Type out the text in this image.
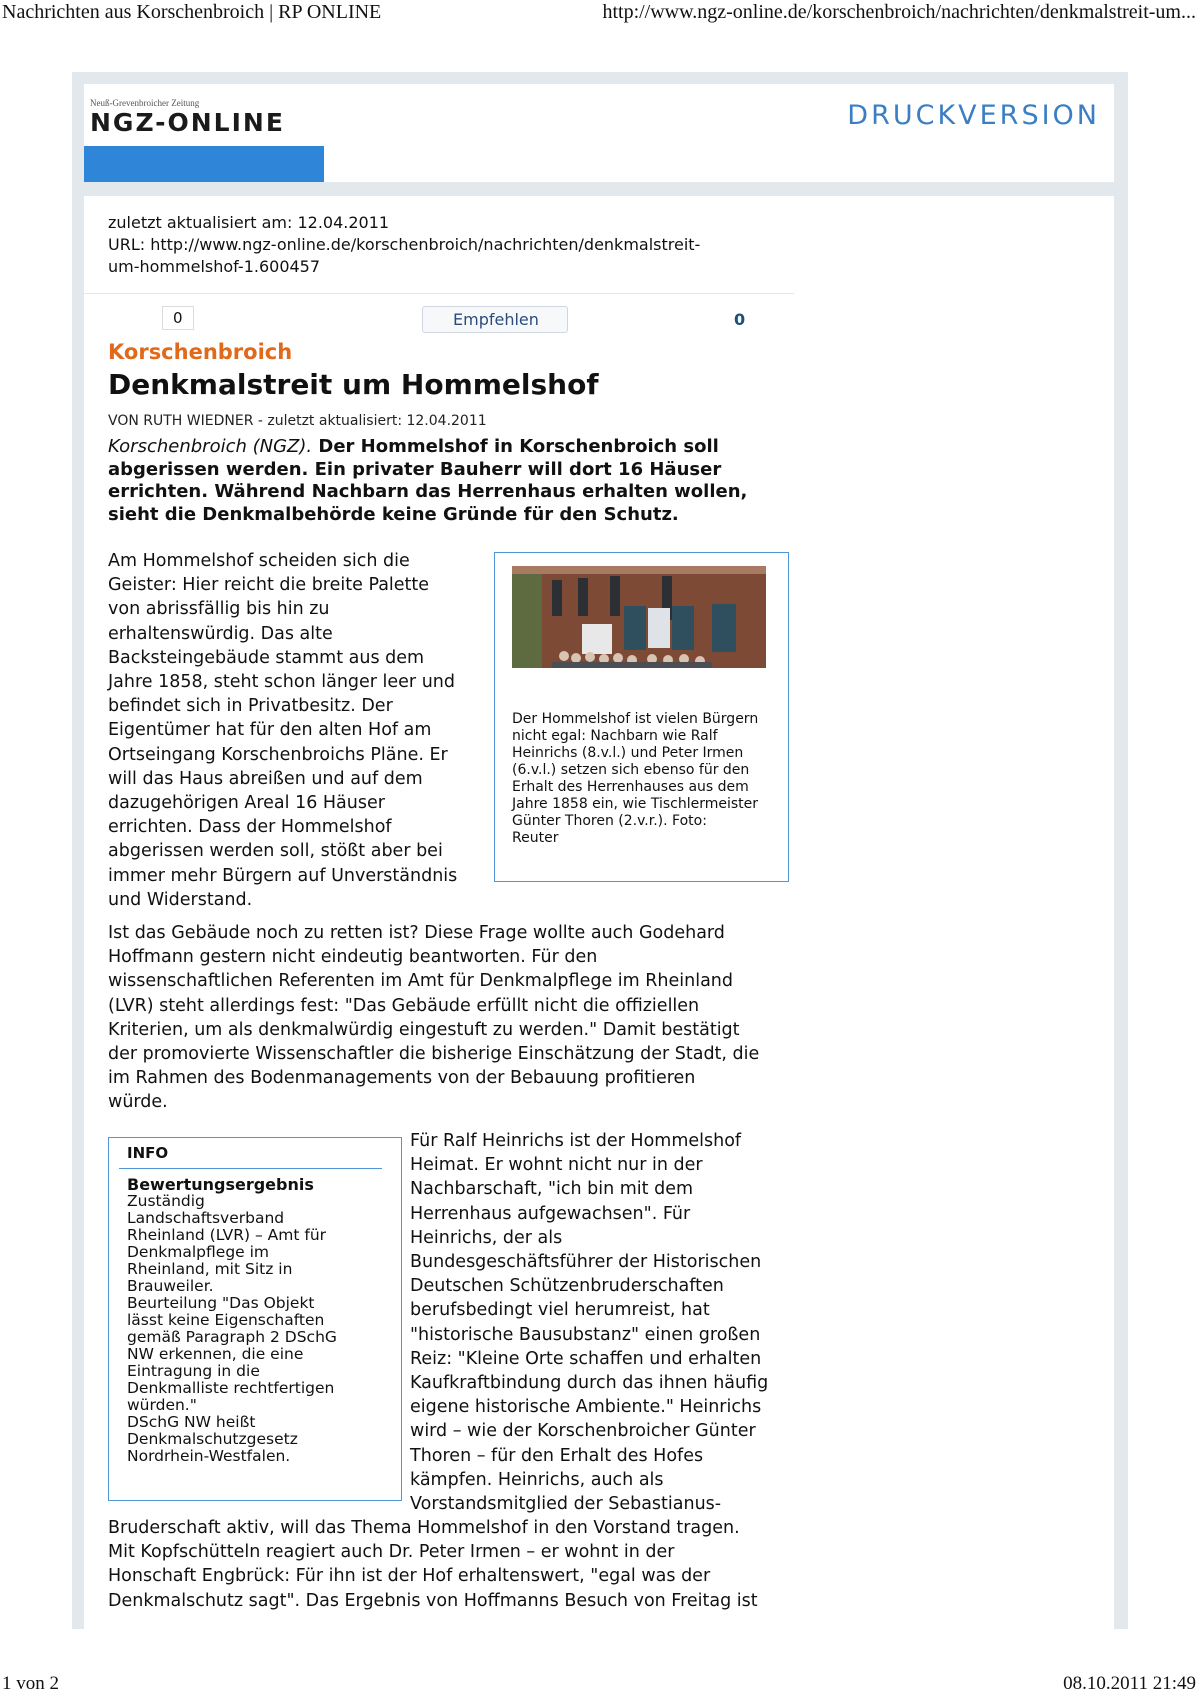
Nachrichten aus Korschenbroich | RP ONLINE	http://www.ngz-online.de/korschenbroich/nachrichten/denkmalstreit-um...
Neuß-Grevenbroicher Zeitung
NGZ-ONLINE	DRUCKVERSION
zuletzt aktualisiert am: 12.04.2011
URL: http://www.ngz-online.de/korschenbroich/nachrichten/denkmalstreit-
um-hommelshof-1.600457
0	Empfehlen	0
Korschenbroich
Denkmalstreit um Hommelshof
VON RUTH WIEDNER - zuletzt aktualisiert: 12.04.2011
Korschenbroich (NGZ). Der Hommelshof in Korschenbroich soll
abgerissen werden. Ein privater Bauherr will dort 16 Häuser
errichten. Während Nachbarn das Herrenhaus erhalten wollen,
sieht die Denkmalbehörde keine Gründe für den Schutz.
Am Hommelshof scheiden sich die
Geister: Hier reicht die breite Palette
von abrissfällig bis hin zu
erhaltenswürdig. Das alte
Backsteingebäude stammt aus dem
Jahre 1858, steht schon länger leer und
befindet sich in Privatbesitz. Der
Eigentümer hat für den alten Hof am
Ortseingang Korschenbroichs Pläne. Er
will das Haus abreißen und auf dem
dazugehörigen Areal 16 Häuser
errichten. Dass der Hommelshof
abgerissen werden soll, stößt aber bei
immer mehr Bürgern auf Unverständnis
und Widerstand.
Der Hommelshof ist vielen Bürgern
nicht egal: Nachbarn wie Ralf
Heinrichs (8.v.l.) und Peter Irmen
(6.v.l.) setzen sich ebenso für den
Erhalt des Herrenhauses aus dem
Jahre 1858 ein, wie Tischlermeister
Günter Thoren (2.v.r.). Foto:
Reuter
Ist das Gebäude noch zu retten ist? Diese Frage wollte auch Godehard
Hoffmann gestern nicht eindeutig beantworten. Für den
wissenschaftlichen Referenten im Amt für Denkmalpflege im Rheinland
(LVR) steht allerdings fest: "Das Gebäude erfüllt nicht die offiziellen
Kriterien, um als denkmalwürdig eingestuft zu werden." Damit bestätigt
der promovierte Wissenschaftler die bisherige Einschätzung der Stadt, die
im Rahmen des Bodenmanagements von der Bebauung profitieren
würde.
INFO
Bewertungsergebnis
Zuständig
Landschaftsverband
Rheinland (LVR) – Amt für
Denkmalpflege im
Rheinland, mit Sitz in
Brauweiler.
Beurteilung "Das Objekt
lässt keine Eigenschaften
gemäß Paragraph 2 DSchG
NW erkennen, die eine
Eintragung in die
Denkmalliste rechtfertigen
würden."
DSchG NW heißt
Denkmalschutzgesetz
Nordrhein-Westfalen.
Für Ralf Heinrichs ist der Hommelshof
Heimat. Er wohnt nicht nur in der
Nachbarschaft, "ich bin mit dem
Herrenhaus aufgewachsen". Für
Heinrichs, der als
Bundesgeschäftsführer der Historischen
Deutschen Schützenbruderschaften
berufsbedingt viel herumreist, hat
"historische Bausubstanz" einen großen
Reiz: "Kleine Orte schaffen und erhalten
Kaufkraftbindung durch das ihnen häufig
eigene historische Ambiente." Heinrichs
wird – wie der Korschenbroicher Günter
Thoren – für den Erhalt des Hofes
kämpfen. Heinrichs, auch als
Vorstandsmitglied der Sebastianus-
Bruderschaft aktiv, will das Thema Hommelshof in den Vorstand tragen.
Mit Kopfschütteln reagiert auch Dr. Peter Irmen – er wohnt in der
Honschaft Engbrück: Für ihn ist der Hof erhaltenswert, "egal was der
Denkmalschutz sagt". Das Ergebnis von Hoffmanns Besuch von Freitag ist
1 von 2	08.10.2011 21:49
